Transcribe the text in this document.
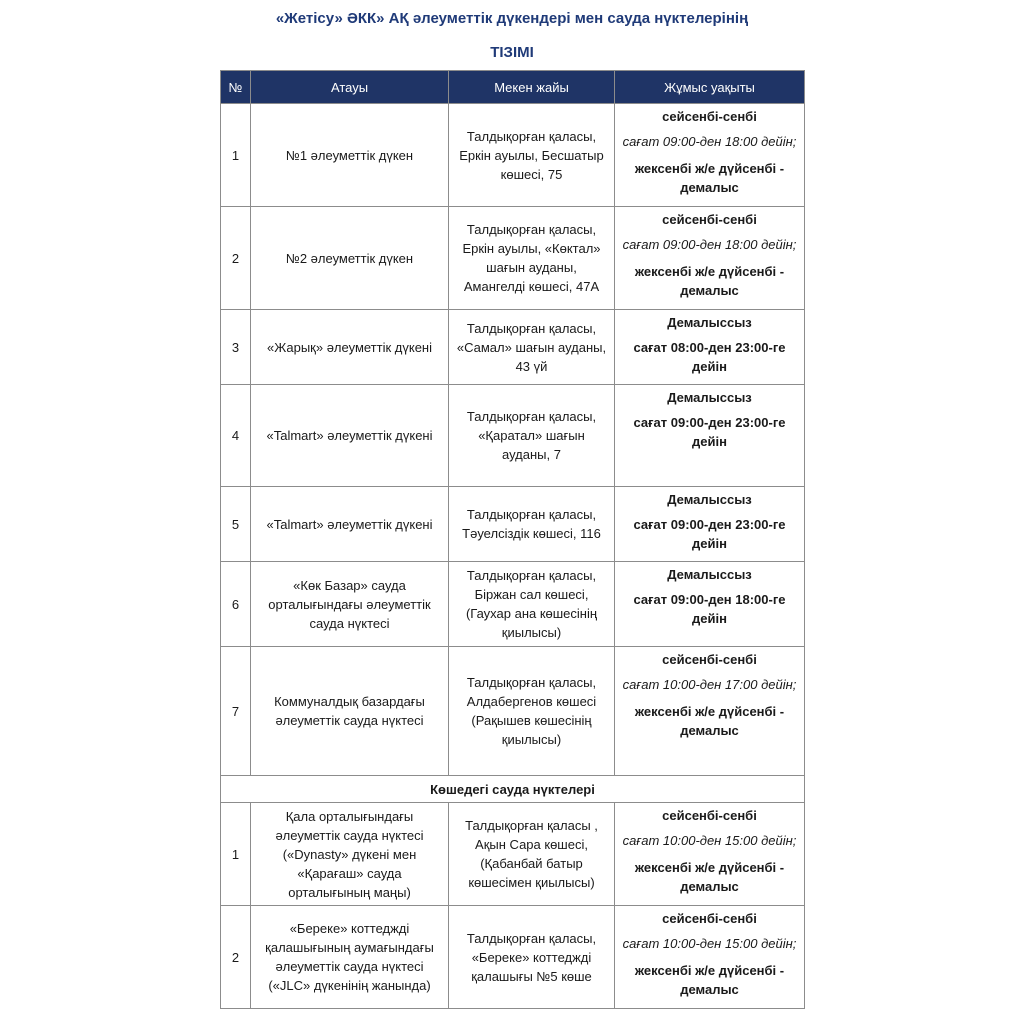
«Жетісу» ӘКК» АҚ әлеуметтік дүкендері мен сауда нүктелерінің
ТІЗІМІ
№	Атауы	Мекен жайы	Жұмыс уақыты
1	№1 әлеуметтік дүкен	Талдықорған қаласы, Еркін ауылы, Бесшатыр көшесі, 75	сейсенбі-сенбі
сағат 09:00-ден 18:00 дейін;
жексенбі ж/е дүйсенбі - демалыс

2	№2 әлеуметтік дүкен	Талдықорған қаласы, Еркін ауылы, «Көктал» шағын ауданы, Амангелді көшесі, 47А	сейсенбі-сенбі
сағат 09:00-ден 18:00 дейін;
жексенбі ж/е дүйсенбі - демалыс

3	«Жарық» әлеуметтік дүкені	Талдықорған қаласы, «Самал» шағын ауданы, 43 үй	Демалыссыз
сағат 08:00-ден 23:00-ге дейін

4	«Talmart» әлеуметтік дүкені	Талдықорған қаласы, «Қаратал» шағын ауданы, 7	Демалыссыз
сағат 09:00-ден 23:00-ге дейін

5	«Talmart» әлеуметтік дүкені	Талдықорған қаласы, Тәуелсіздік көшесі, 116	Демалыссыз
сағат 09:00-ден 23:00-ге дейін

6	«Көк Базар» сауда орталығындағы әлеуметтік сауда нүктесі	Талдықорған қаласы, Біржан сал көшесі, (Гаухар ана көшесінің қиылысы)	Демалыссыз
сағат 09:00-ден 18:00-ге дейін

7	Коммуналдық базардағы әлеуметтік сауда нүктесі	Талдықорған қаласы, Алдабергенов көшесі (Рақышев көшесінің қиылысы)	сейсенбі-сенбі
сағат 10:00-ден 17:00 дейін;
жексенбі ж/е дүйсенбі - демалыс

Көшедегі сауда нүктелері			
1	Қала орталығындағы әлеуметтік сауда нүктесі («Dynasty» дүкені мен «Қарағаш» сауда орталығының маңы)	Талдықорған қаласы , Ақын Сара көшесі, (Қабанбай батыр көшесімен қиылысы)	сейсенбі-сенбі
сағат 10:00-ден 15:00 дейін;
жексенбі ж/е дүйсенбі - демалыс

2	«Береке» коттеджді қалашығының аумағындағы әлеуметтік сауда нүктесі («JLC» дүкенінің жанында)	Талдықорған қаласы, «Береке» коттеджді қалашығы №5 көше	сейсенбі-сенбі
сағат 10:00-ден 15:00 дейін;
жексенбі ж/е дүйсенбі - демалыс
